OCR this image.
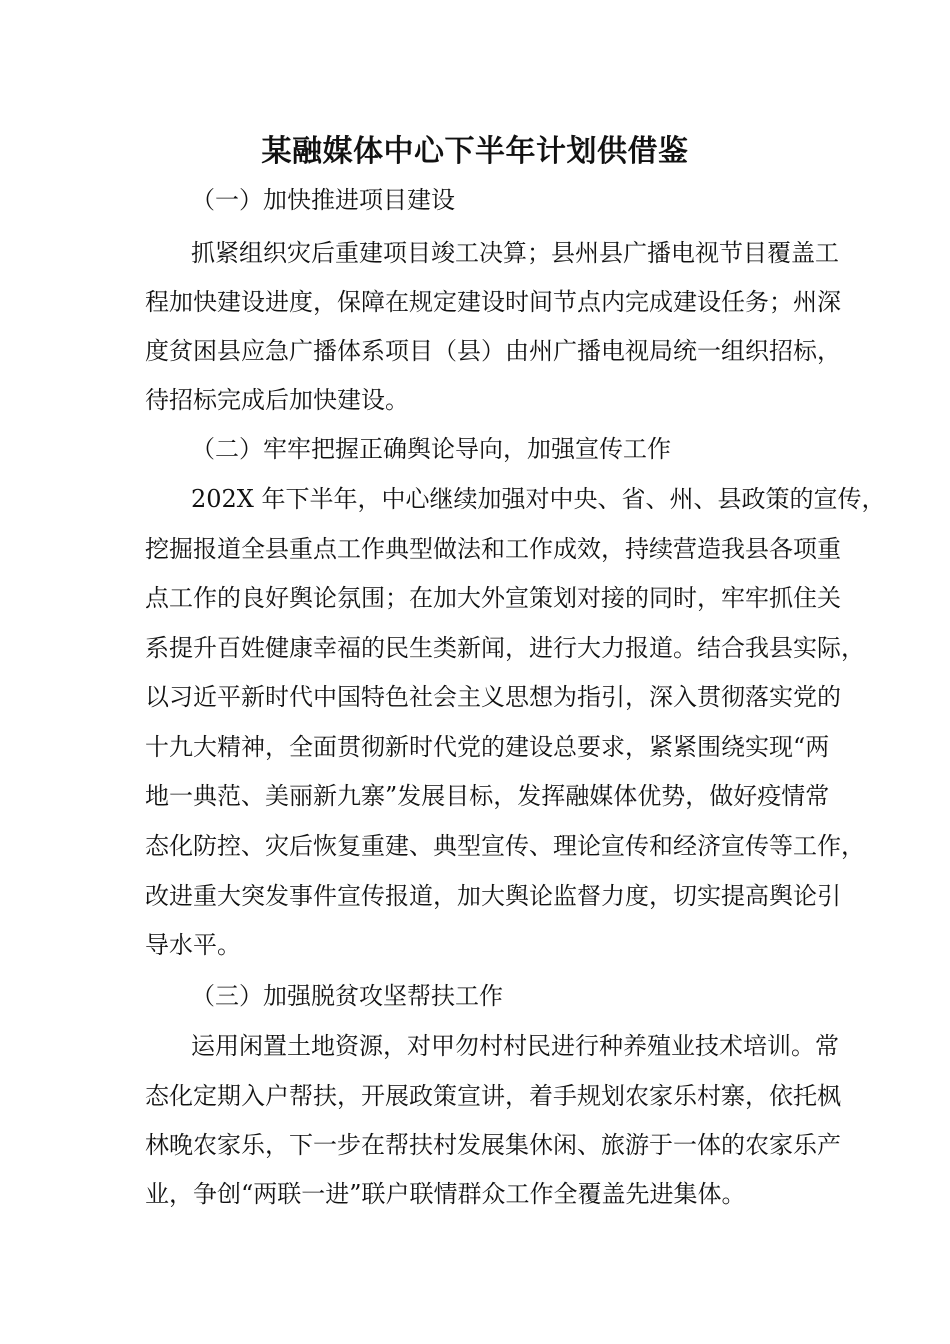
某融媒体中心下半年计划供借鉴

（一）加快推进项目建设

抓紧组织灾后重建项目竣工决算；县州县广播电视节目覆盖工

程加快建设进度，保障在规定建设时间节点内完成建设任务；州深

度贫困县应急广播体系项目（县）由州广播电视局统一组织招标，

待招标完成后加快建设。

（二）牢牢把握正确舆论导向，加强宣传工作

202X 年下半年，中心继续加强对中央、省、州、县政策的宣传，

挖掘报道全县重点工作典型做法和工作成效，持续营造我县各项重

点工作的良好舆论氛围；在加大外宣策划对接的同时，牢牢抓住关

系提升百姓健康幸福的民生类新闻，进行大力报道。结合我县实际，

以习近平新时代中国特色社会主义思想为指引，深入贯彻落实党的

十九大精神，全面贯彻新时代党的建设总要求，紧紧围绕实现“两

地一典范、美丽新九寨”发展目标，发挥融媒体优势，做好疫情常

态化防控、灾后恢复重建、典型宣传、理论宣传和经济宣传等工作，

改进重大突发事件宣传报道，加大舆论监督力度，切实提高舆论引

导水平。

（三）加强脱贫攻坚帮扶工作

运用闲置土地资源，对甲勿村村民进行种养殖业技术培训。常

态化定期入户帮扶，开展政策宣讲，着手规划农家乐村寨，依托枫

林晚农家乐，下一步在帮扶村发展集休闲、旅游于一体的农家乐产

业，争创“两联一进”联户联情群众工作全覆盖先进集体。
